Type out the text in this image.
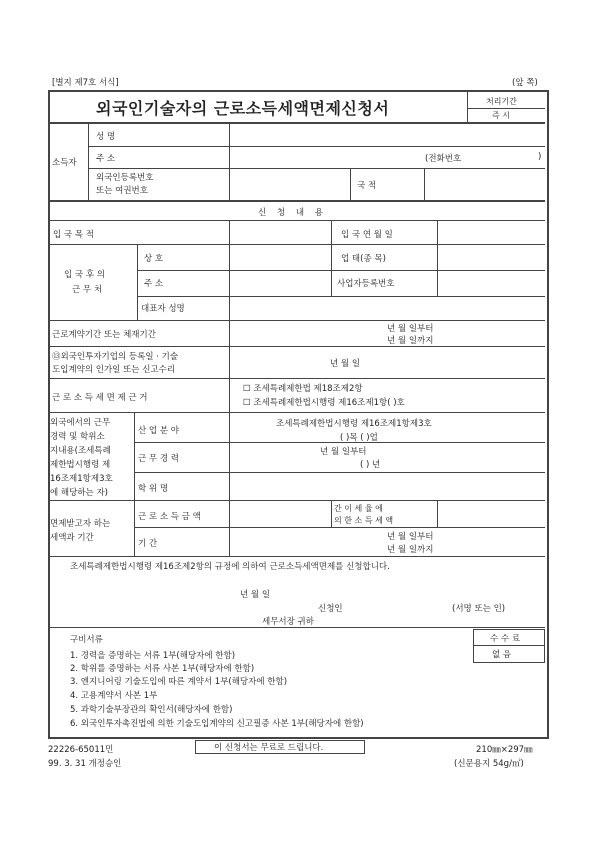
[별지 제7호 서식]	(앞 쪽)
외국인기술자의 근로소득세액면제신청서	처리기간
즉 시
소득자
성 명
주 소	(전화번호	)
외국인등록번호
또는 여권번호	국 적
신 청 내 용
입 국 목 적	입 국 연 월 일
입 국 후 의
근 무 처
상 호	업 태(종 목)
주 소	사업자등록번호
대표자 성명
근로계약기간 또는 체재기간
년 월 일부터
년 월 일까지
⑬외국인투자기업의 등록일 · 기술
도입계약의 인가일 또는 신고수리
년 월 일
근 로 소 득 세 면 제 근 거
☐ 조세특례제한법 제18조제2항
☐ 조세특례제한법시행령 제16조제1항( )호
외국에서의 근무
경력 및 학위소
지내용(조세특례
제한법시행령 제
16조제1항제3호
에 해당하는 자)
산 업 분 야
조세특례제한법시행령 제16조제1항제3호
( )목 ( )업
근 무 경 력
년 월 일부터
( ) 년
학 위 명
면제받고자 하는
세액과 기간
근 로 소 득 금 액
간 이 세 율 에
의 한 소 득 세 액
기 간
년 월 일부터
년 월 일까지
조세특례제한법시행령 제16조제2항의 규정에 의하여 근로소득세액면제를 신청합니다.
년 월 일
신청인	(서명 또는 인)
세무서장 귀하
구비서류
1. 경력을 증명하는 서류 1부(해당자에 한함)
2. 학위를 증명하는 서류 사본 1부(해당자에 한함)
3. 엔지니어링 기술도입에 따른 계약서 1부(해당자에 한함)
4. 고용계약서 사본 1부
5. 과학기술부장관의 확인서(해당자에 한함)
6. 외국인투자촉진법에 의한 기술도입계약의 신고필증 사본 1부(해당자에 한함)
수 수 료
없 음
22226-65011민
99. 3. 31 개정승인
이 신청서는 무료로 드립니다.	210㎜×297㎜
(신문용지 54g/㎡)
